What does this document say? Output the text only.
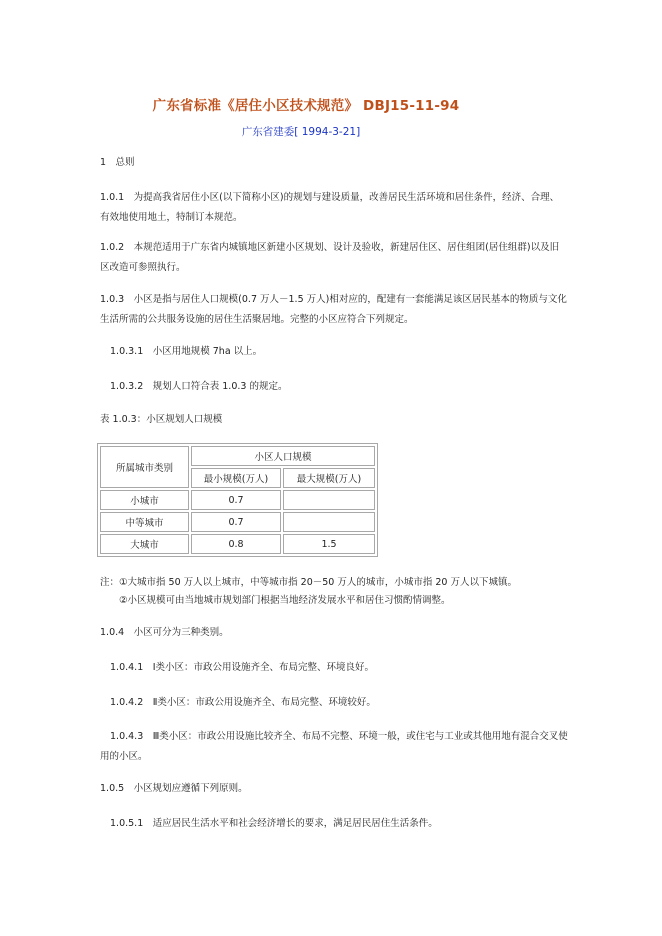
广东省标准《居住小区技术规范》 DBJ15-11-94
广东省建委[ 1994-3-21]
1　总则
1.0.1　为提高我省居住小区(以下简称小区)的规划与建设质量，改善居民生活环境和居住条件，经济、合理、有效地使用地土，特制订本规范。
1.0.2　本规范适用于广东省内城镇地区新建小区规划、设计及验收，新建居住区、居住组团(居住组群)以及旧区改造可参照执行。
1.0.3　小区是指与居住人口规模(0.7 万人－1.5 万人)相对应的，配建有一套能满足该区居民基本的物质与文化生活所需的公共服务设施的居住生活聚居地。完整的小区应符合下列规定。
1.0.3.1　小区用地规模 7ha 以上。
1.0.3.2　规划人口符合表 1.0.3 的规定。
表 1.0.3：小区规划人口规模
所属城市类别	小区人口规模	
	最小规模(万人)	最大规模(万人)
小城市	0.7	
中等城市	0.7	
大城市	0.8	1.5
注：①大城市指 50 万人以上城市，中等城市指 20－50 万人的城市，小城市指 20 万人以下城镇。
②小区规模可由当地城市规划部门根据当地经济发展水平和居住习惯酌情调整。
1.0.4　小区可分为三种类别。
1.0.4.1　Ⅰ类小区：市政公用设施齐全、布局完整、环境良好。
1.0.4.2　Ⅱ类小区：市政公用设施齐全、布局完整、环境较好。
1.0.4.3　Ⅲ类小区：市政公用设施比较齐全、布局不完整、环境一般，或住宅与工业或其他用地有混合交叉使用的小区。
1.0.5　小区规划应遵循下列原则。
1.0.5.1　适应居民生活水平和社会经济增长的要求，满足居民居住生活条件。
